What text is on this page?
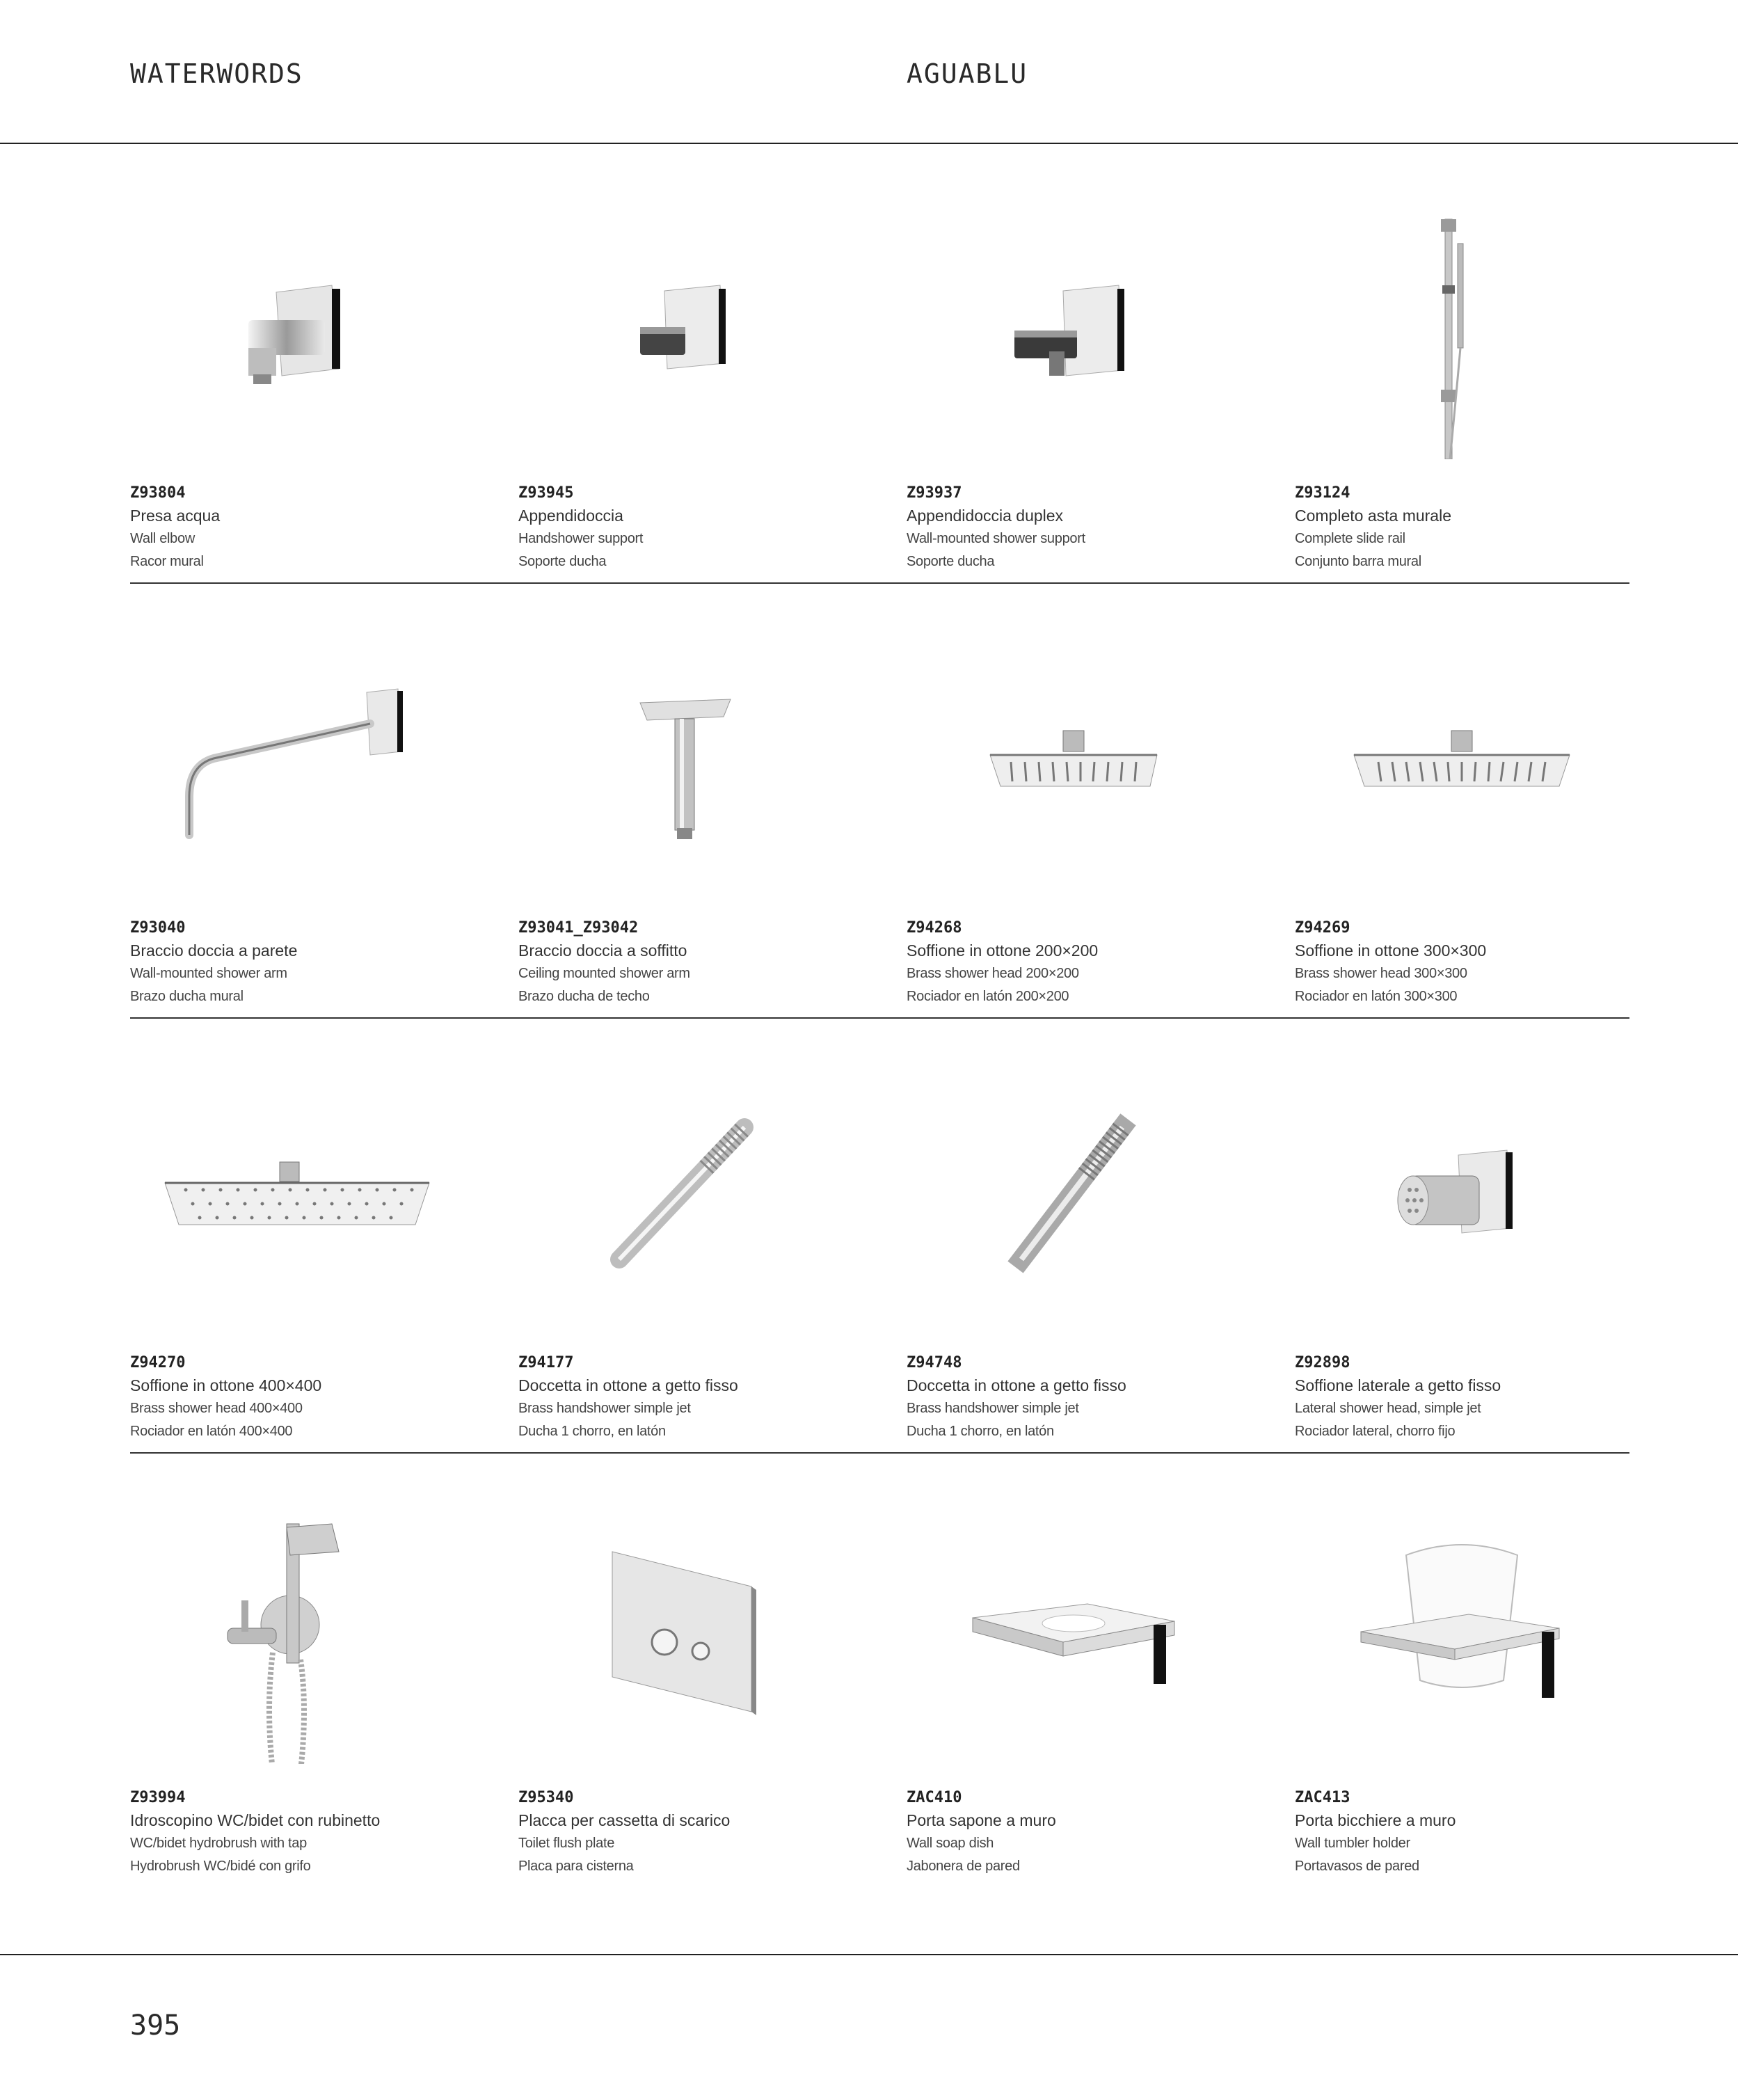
WATERWORDS	AGUABLU
Z93804
Presa acqua
Wall elbow
Racor mural
Z93945
Appendidoccia
Handshower support
Soporte ducha
Z93937
Appendidoccia duplex
Wall-mounted shower support
Soporte ducha
Z93124
Completo asta murale
Complete slide rail
Conjunto barra mural
Z93040
Braccio doccia a parete
Wall-mounted shower arm
Brazo ducha mural
Z93041_Z93042
Braccio doccia a soffitto
Ceiling mounted shower arm
Brazo ducha de techo
Z94268
Soffione in ottone 200×200
Brass shower head 200×200
Rociador en latón 200×200
Z94269
Soffione in ottone 300×300
Brass shower head 300×300
Rociador en latón 300×300
Z94270
Soffione in ottone 400×400
Brass shower head 400×400
Rociador en latón 400×400
Z94177
Doccetta in ottone a getto fisso
Brass handshower simple jet
Ducha 1 chorro, en latón
Z94748
Doccetta in ottone a getto fisso
Brass handshower simple jet
Ducha 1 chorro, en latón
Z92898
Soffione laterale a getto fisso
Lateral shower head, simple jet
Rociador lateral, chorro fijo
Z93994
Idroscopino WC/bidet con rubinetto
WC/bidet hydrobrush with tap
Hydrobrush WC/bidé con grifo
Z95340
Placca per cassetta di scarico
Toilet flush plate
Placa para cisterna
ZAC410
Porta sapone a muro
Wall soap dish
Jabonera de pared
ZAC413
Porta bicchiere a muro
Wall tumbler holder
Portavasos de pared
395
